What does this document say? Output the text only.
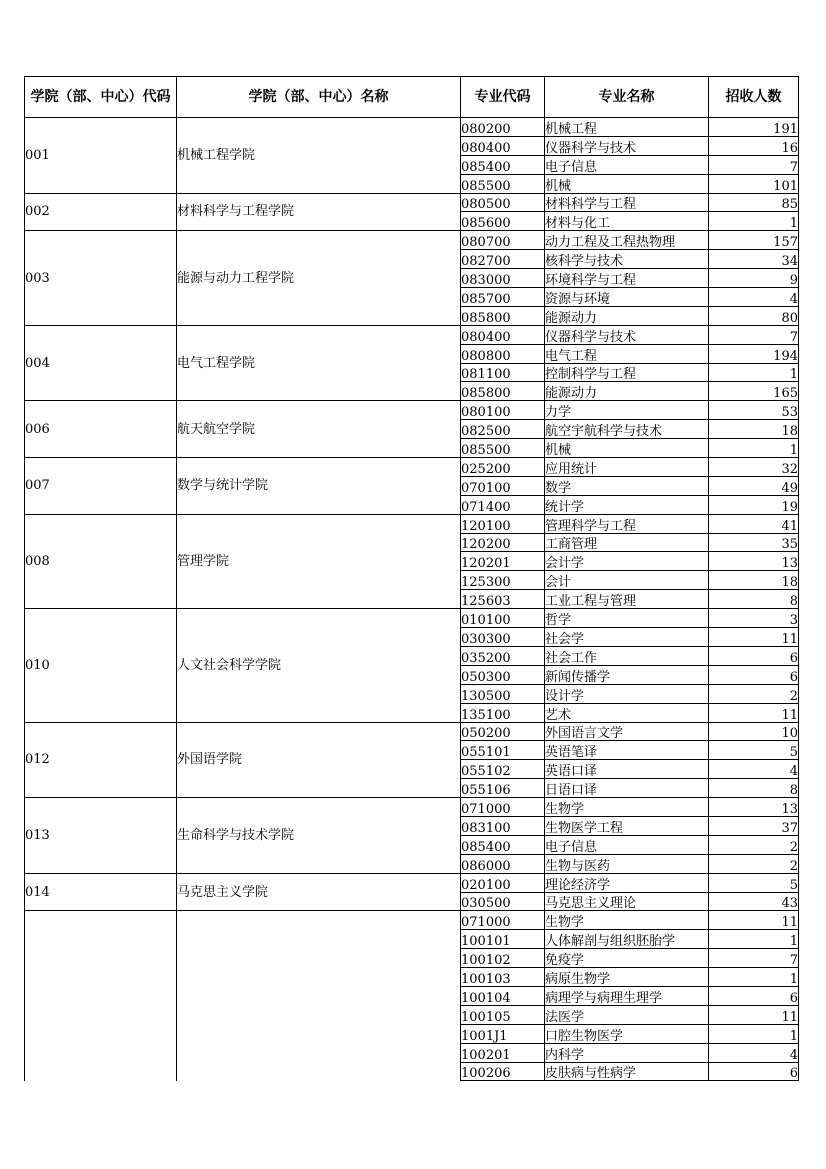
学院（部、中心）代码	学院（部、中心）名称	专业代码	专业名称	招收人数
001	机械工程学院	080200	机械工程	191
		080400	仪器科学与技术	16
		085400	电子信息	7
		085500	机械	101
002	材料科学与工程学院	080500	材料科学与工程	85
		085600	材料与化工	1
003	能源与动力工程学院	080700	动力工程及工程热物理	157
		082700	核科学与技术	34
		083000	环境科学与工程	9
		085700	资源与环境	4
		085800	能源动力	80
004	电气工程学院	080400	仪器科学与技术	7
		080800	电气工程	194
		081100	控制科学与工程	1
		085800	能源动力	165
006	航天航空学院	080100	力学	53
		082500	航空宇航科学与技术	18
		085500	机械	1
007	数学与统计学院	025200	应用统计	32
		070100	数学	49
		071400	统计学	19
008	管理学院	120100	管理科学与工程	41
		120200	工商管理	35
		120201	会计学	13
		125300	会计	18
		125603	工业工程与管理	8
010	人文社会科学学院	010100	哲学	3
		030300	社会学	11
		035200	社会工作	6
		050300	新闻传播学	6
		130500	设计学	2
		135100	艺术	11
012	外国语学院	050200	外国语言文学	10
		055101	英语笔译	5
		055102	英语口译	4
		055106	日语口译	8
013	生命科学与技术学院	071000	生物学	13
		083100	生物医学工程	37
		085400	电子信息	2
		086000	生物与医药	2
014	马克思主义学院	020100	理论经济学	5
		030500	马克思主义理论	43
		071000	生物学	11
		100101	人体解剖与组织胚胎学	1
		100102	免疫学	7
		100103	病原生物学	1
		100104	病理学与病理生理学	6
		100105	法医学	11
		1001J1	口腔生物医学	1
		100201	内科学	4
		100206	皮肤病与性病学	6
